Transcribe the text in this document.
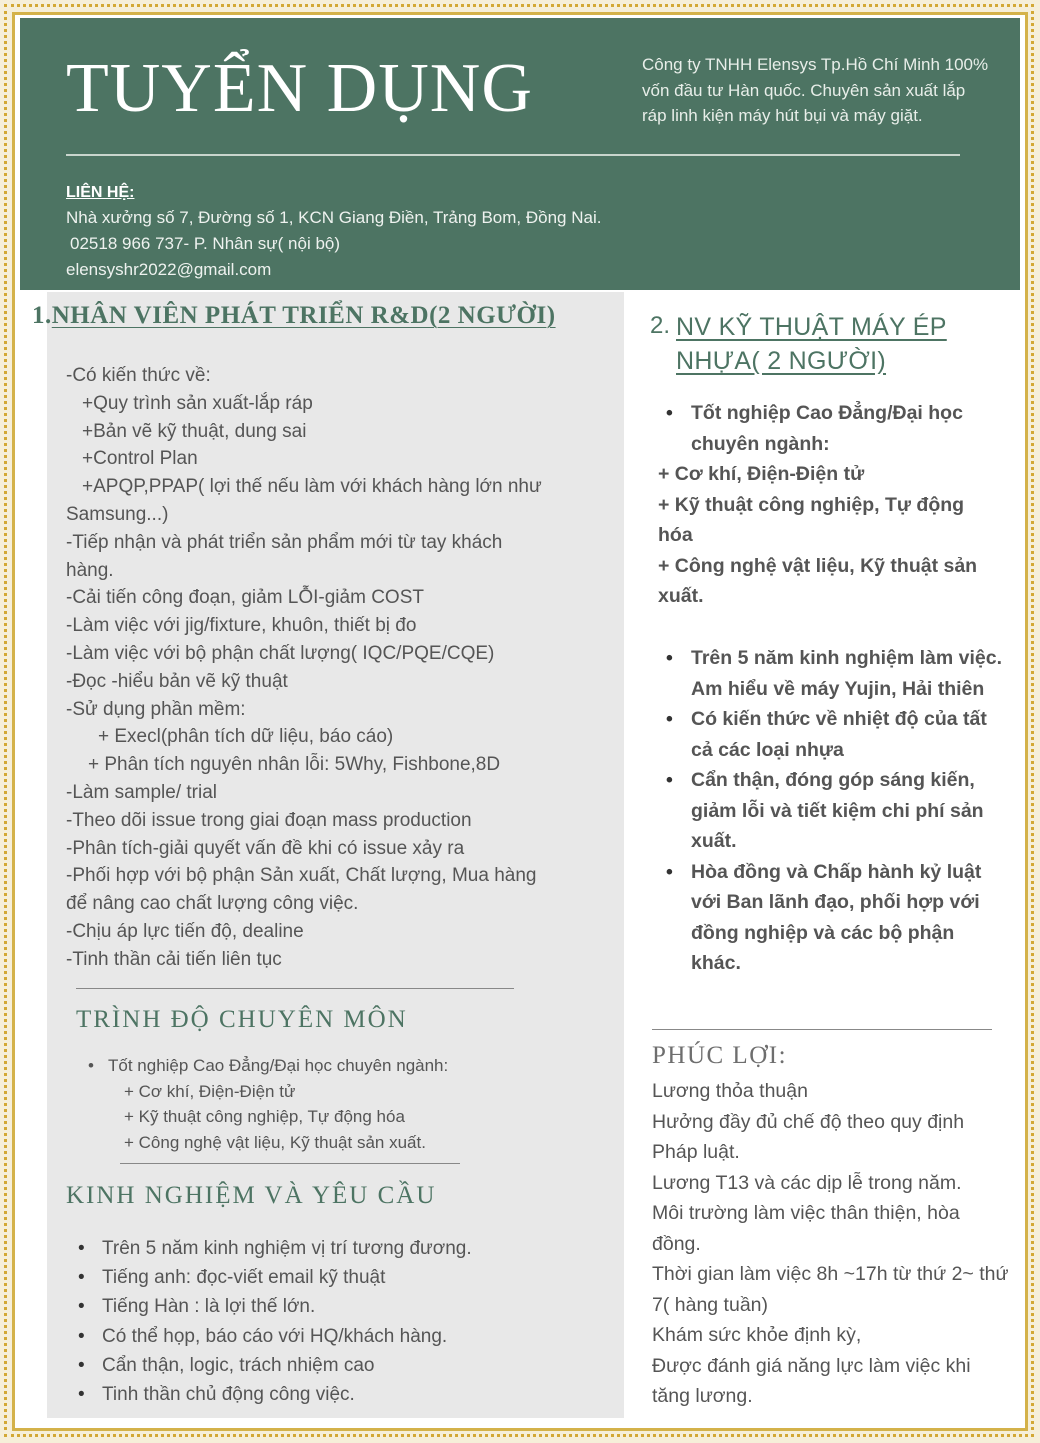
TUYỂN DỤNG	Công ty TNHH Elensys Tp.Hồ Chí Minh 100% vốn đầu tư Hàn quốc. Chuyên sản xuất lắp ráp linh kiện máy hút bụi và máy giặt.

LIÊN HỆ:

Nhà xưởng số 7, Đường số 1, KCN Giang Điền, Trảng Bom, Đồng Nai.

02518 966 737- P. Nhân sự( nội bộ)

elensyshr2022@gmail.com

1.NHÂN VIÊN PHÁT TRIỂN R&D(2 NGƯỜI)
-Có kiến thức về:
+Quy trình sản xuất-lắp ráp
+Bản vẽ kỹ thuật, dung sai
+Control Plan
+APQP,PPAP( lợi thế nếu làm với khách hàng lớn như
Samsung...)
-Tiếp nhận và phát triển sản phẩm mới từ tay khách
hàng.
-Cải tiến công đoạn, giảm LỖI-giảm COST
-Làm việc với jig/fixture, khuôn, thiết bị đo
-Làm việc với bộ phận chất lượng( IQC/PQE/CQE)
-Đọc -hiểu bản vẽ kỹ thuật
-Sử dụng phần mềm:
+ Execl(phân tích dữ liệu, báo cáo)
+ Phân tích nguyên nhân lỗi: 5Why, Fishbone,8D
-Làm sample/ trial
-Theo dõi issue trong giai đoạn mass production
-Phân tích-giải quyết vấn đề khi có issue xảy ra
-Phối hợp với bộ phận Sản xuất, Chất lượng, Mua hàng
để nâng cao chất lượng công việc.
-Chịu áp lực tiến độ, dealine
-Tinh thần cải tiến liên tục
TRÌNH ĐỘ CHUYÊN MÔN
• Tốt nghiệp Cao Đẳng/Đại học chuyên ngành:
+ Cơ khí, Điện-Điện tử
+ Kỹ thuật công nghiệp, Tự động hóa
+ Công nghệ vật liệu, Kỹ thuật sản xuất.
KINH NGHIỆM VÀ YÊU CẦU
• Trên 5 năm kinh nghiệm vị trí tương đương.
• Tiếng anh: đọc-viết email kỹ thuật
• Tiếng Hàn : là lợi thế lớn.
• Có thể họp, báo cáo với HQ/khách hàng.
• Cẩn thận, logic, trách nhiệm cao
• Tinh thần chủ động công việc.

2. NV KỸ THUẬT MÁY ÉP NHỰA( 2 NGƯỜI)
• Tốt nghiệp Cao Đẳng/Đại học chuyên ngành:
+ Cơ khí, Điện-Điện tử
+ Kỹ thuật công nghiệp, Tự động hóa
+ Công nghệ vật liệu, Kỹ thuật sản xuất.
• Trên 5 năm kinh nghiệm làm việc. Am hiểu về máy Yujin, Hải thiên
• Có kiến thức về nhiệt độ của tất cả các loại nhựa
• Cẩn thận, đóng góp sáng kiến, giảm lỗi và tiết kiệm chi phí sản xuất.
• Hòa đồng và Chấp hành kỷ luật với Ban lãnh đạo, phối hợp với đồng nghiệp và các bộ phận khác.
PHÚC LỢI:
Lương thỏa thuận
Hưởng đầy đủ chế độ theo quy định Pháp luật.
Lương T13 và các dịp lễ trong năm.
Môi trường làm việc thân thiện, hòa đồng.
Thời gian làm việc 8h ~17h từ thứ 2~ thứ 7( hàng tuần)
Khám sức khỏe định kỳ,
Được đánh giá năng lực làm việc khi tăng lương.
